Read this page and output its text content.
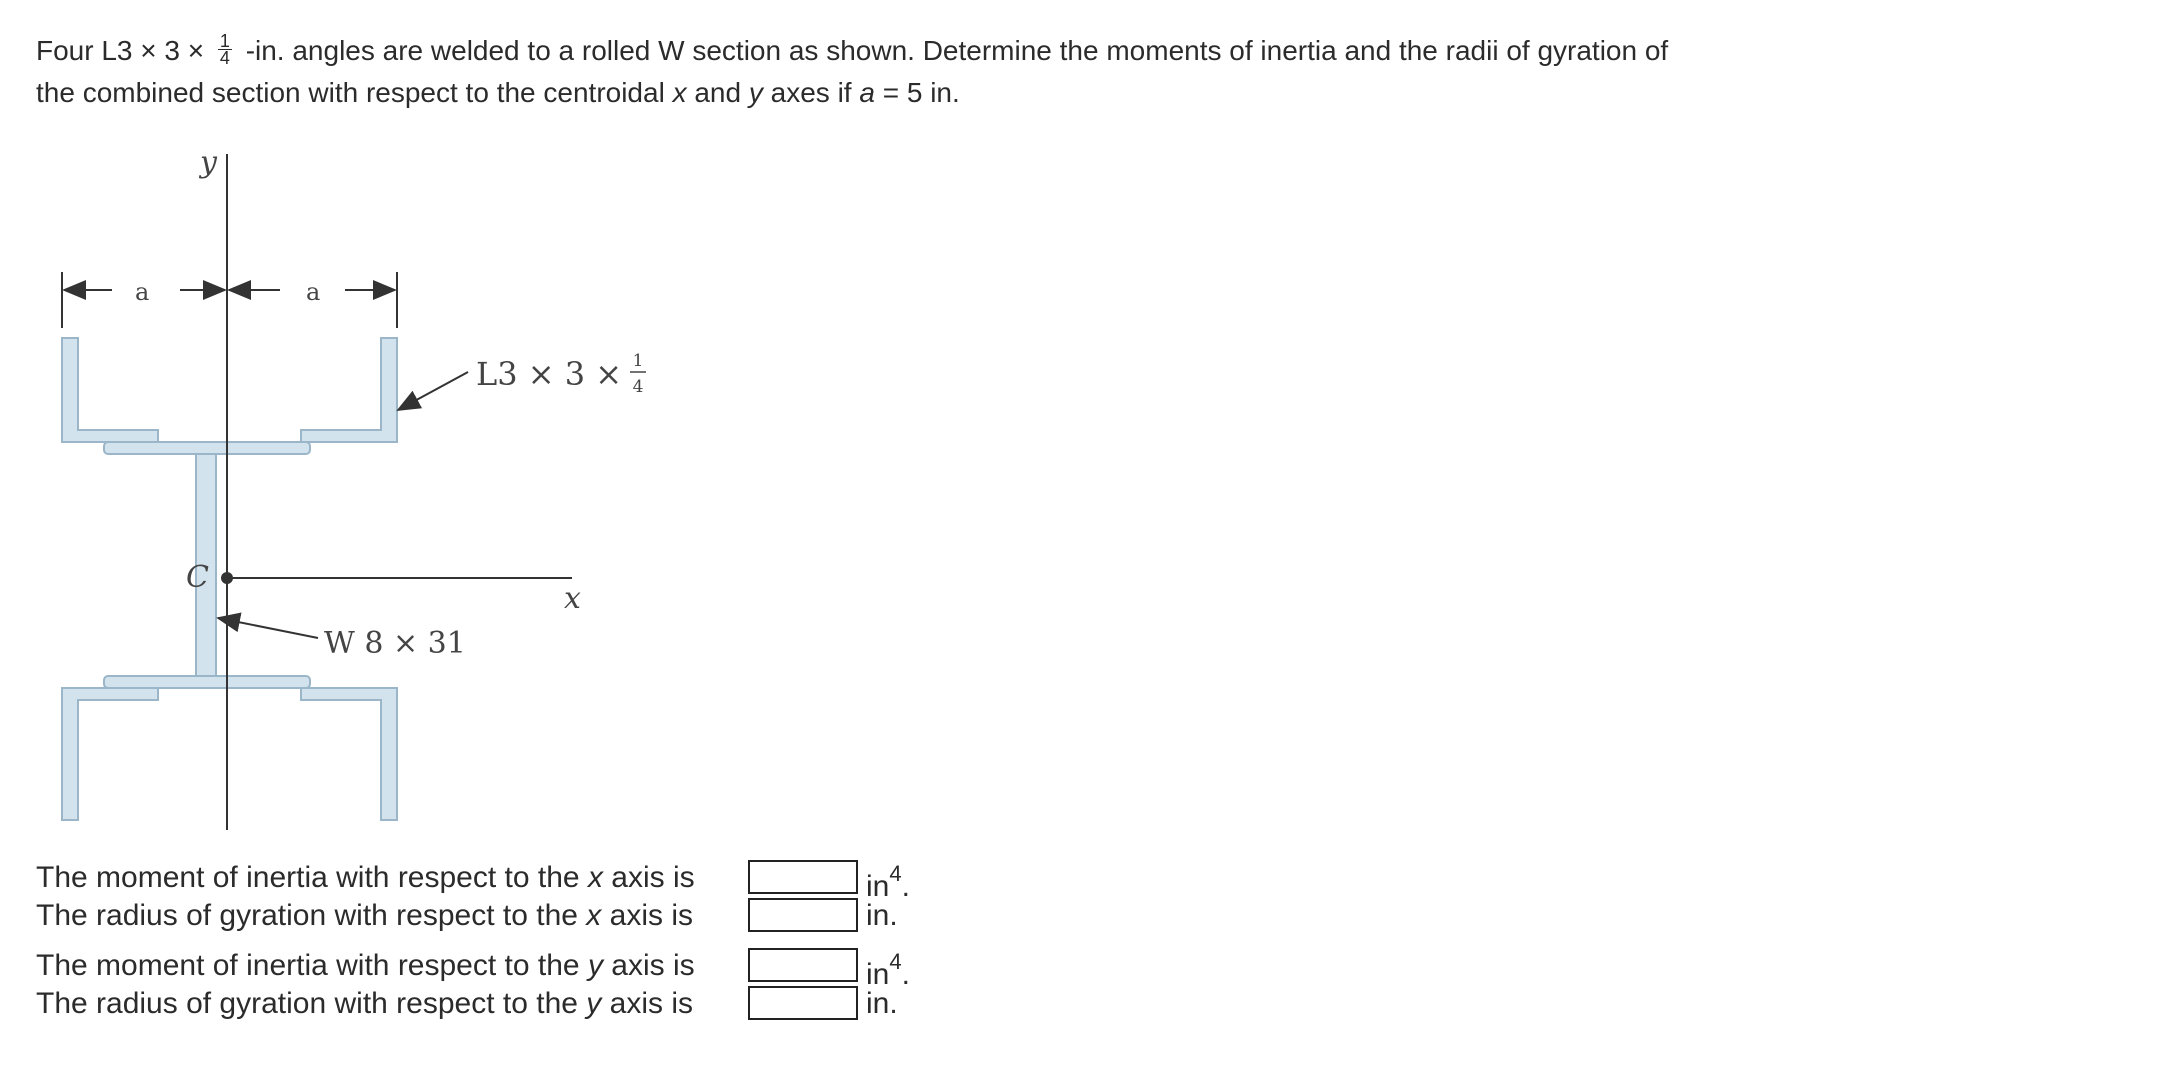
Four $L3 \times 3 \times \frac{1}{4} -in$. angles are welded to a rolled W section as shown. Determine the moments of inertia and the radii of gyration of
the combined section with respect to the centroidal x and y axes if a = 5 in.
y
x
a	a
C
L3 × 3 × 1
4
W 8 × 31
The moment of inertia with respect to the x axis is	$in^4$.
The radius of gyration with respect to the x axis is	in.
The moment of inertia with respect to the y axis is	$in^4$.
The radius of gyration with respect to the y axis is	in.
